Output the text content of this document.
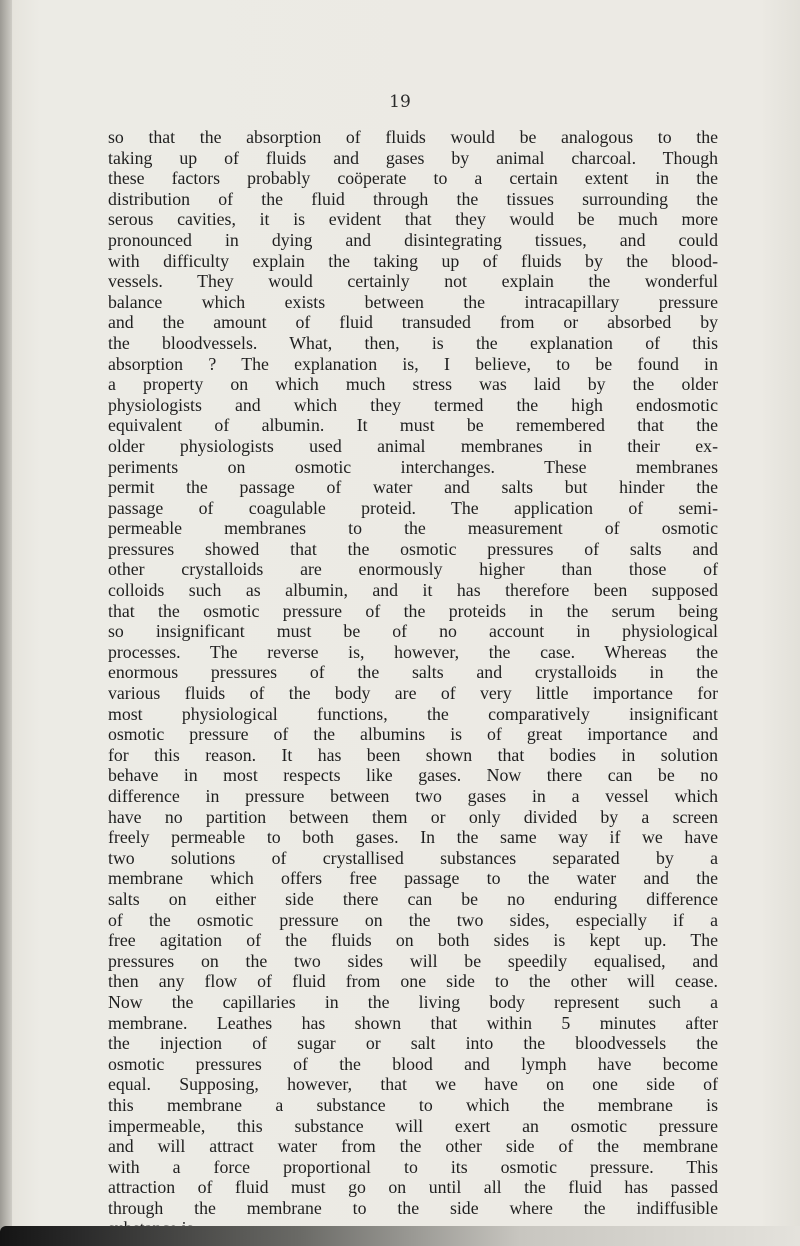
19
so that the absorption of fluids would be analogous to the
taking up of fluids and gases by animal charcoal. Though
these factors probably coöperate to a certain extent in the
distribution of the fluid through the tissues surrounding the
serous cavities, it is evident that they would be much more
pronounced in dying and disintegrating tissues, and could
with difficulty explain the taking up of fluids by the blood-
vessels. They would certainly not explain the wonderful
balance which exists between the intracapillary pressure
and the amount of fluid transuded from or absorbed by
the bloodvessels. What, then, is the explanation of this
absorption ? The explanation is, I believe, to be found in
a property on which much stress was laid by the older
physiologists and which they termed the high endosmotic
equivalent of albumin. It must be remembered that the
older physiologists used animal membranes in their ex-
periments on osmotic interchanges. These membranes
permit the passage of water and salts but hinder the
passage of coagulable proteid. The application of semi-
permeable membranes to the measurement of osmotic
pressures showed that the osmotic pressures of salts and
other crystalloids are enormously higher than those of
colloids such as albumin, and it has therefore been supposed
that the osmotic pressure of the proteids in the serum being
so insignificant must be of no account in physiological
processes. The reverse is, however, the case. Whereas the
enormous pressures of the salts and crystalloids in the
various fluids of the body are of very little importance for
most physiological functions, the comparatively insignificant
osmotic pressure of the albumins is of great importance and
for this reason. It has been shown that bodies in solution
behave in most respects like gases. Now there can be no
difference in pressure between two gases in a vessel which
have no partition between them or only divided by a screen
freely permeable to both gases. In the same way if we have
two solutions of crystallised substances separated by a
membrane which offers free passage to the water and the
salts on either side there can be no enduring difference
of the osmotic pressure on the two sides, especially if a
free agitation of the fluids on both sides is kept up. The
pressures on the two sides will be speedily equalised, and
then any flow of fluid from one side to the other will cease.
Now the capillaries in the living body represent such a
membrane. Leathes has shown that within 5 minutes after
the injection of sugar or salt into the bloodvessels the
osmotic pressures of the blood and lymph have become
equal. Supposing, however, that we have on one side of
this membrane a substance to which the membrane is
impermeable, this substance will exert an osmotic pressure
and will attract water from the other side of the membrane
with a force proportional to its osmotic pressure. This
attraction of fluid must go on until all the fluid has passed
through the membrane to the side where the indiffusible
